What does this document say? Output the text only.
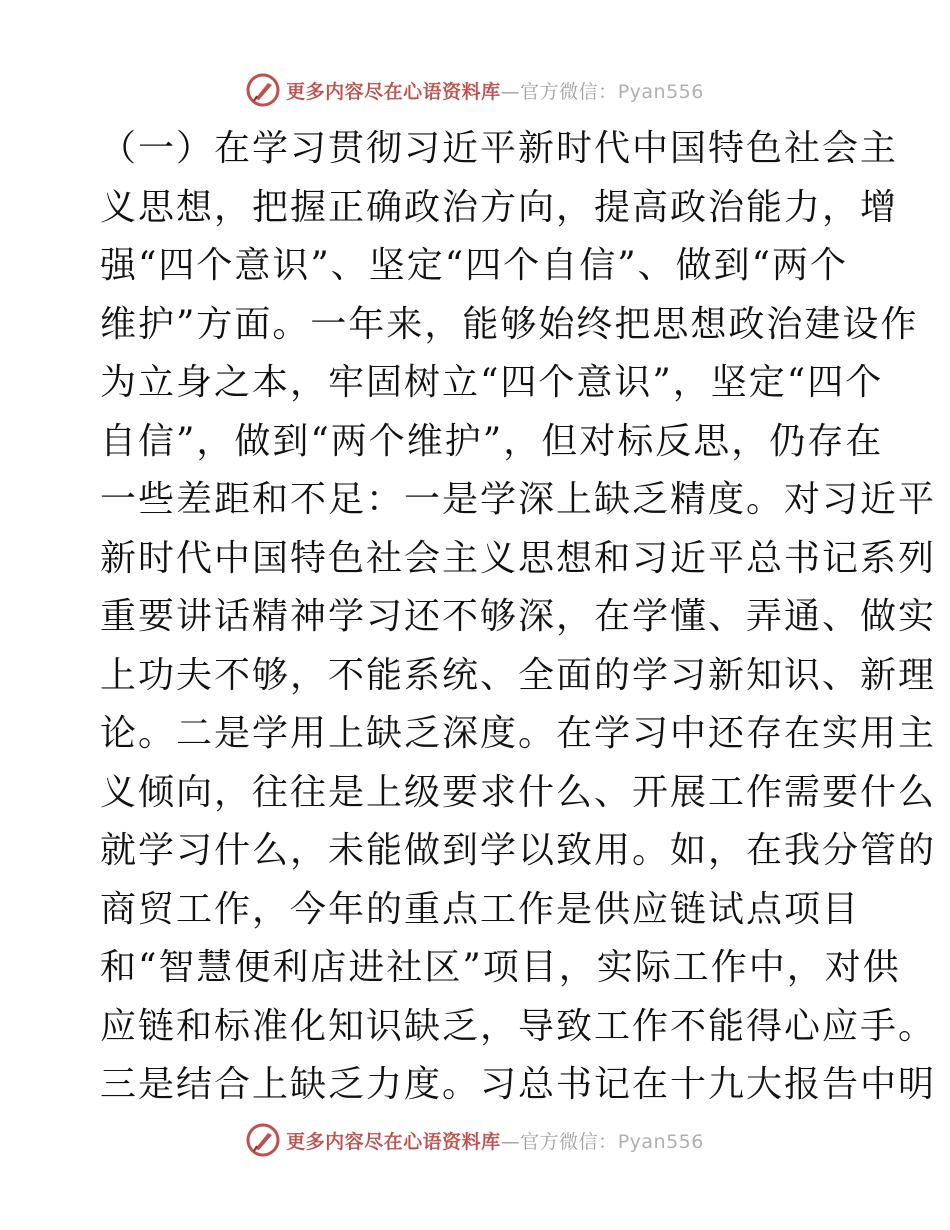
更多内容尽在心语资料库—官方微信：Pyan556
（一）在学习贯彻习近平新时代中国特色社会主
义思想，把握正确政治方向，提高政治能力，增
强“四个意识”、坚定“四个自信”、做到“两个
维护”方面。一年来，能够始终把思想政治建设作
为立身之本，牢固树立“四个意识”，坚定“四个
自信”，做到“两个维护”，但对标反思，仍存在
一些差距和不足：一是学深上缺乏精度。对习近平
新时代中国特色社会主义思想和习近平总书记系列
重要讲话精神学习还不够深，在学懂、弄通、做实
上功夫不够，不能系统、全面的学习新知识、新理
论。二是学用上缺乏深度。在学习中还存在实用主
义倾向，往往是上级要求什么、开展工作需要什么
就学习什么，未能做到学以致用。如，在我分管的
商贸工作，今年的重点工作是供应链试点项目
和“智慧便利店进社区”项目，实际工作中，对供
应链和标准化知识缺乏，导致工作不能得心应手。
三是结合上缺乏力度。习总书记在十九大报告中明
更多内容尽在心语资料库—官方微信：Pyan556
